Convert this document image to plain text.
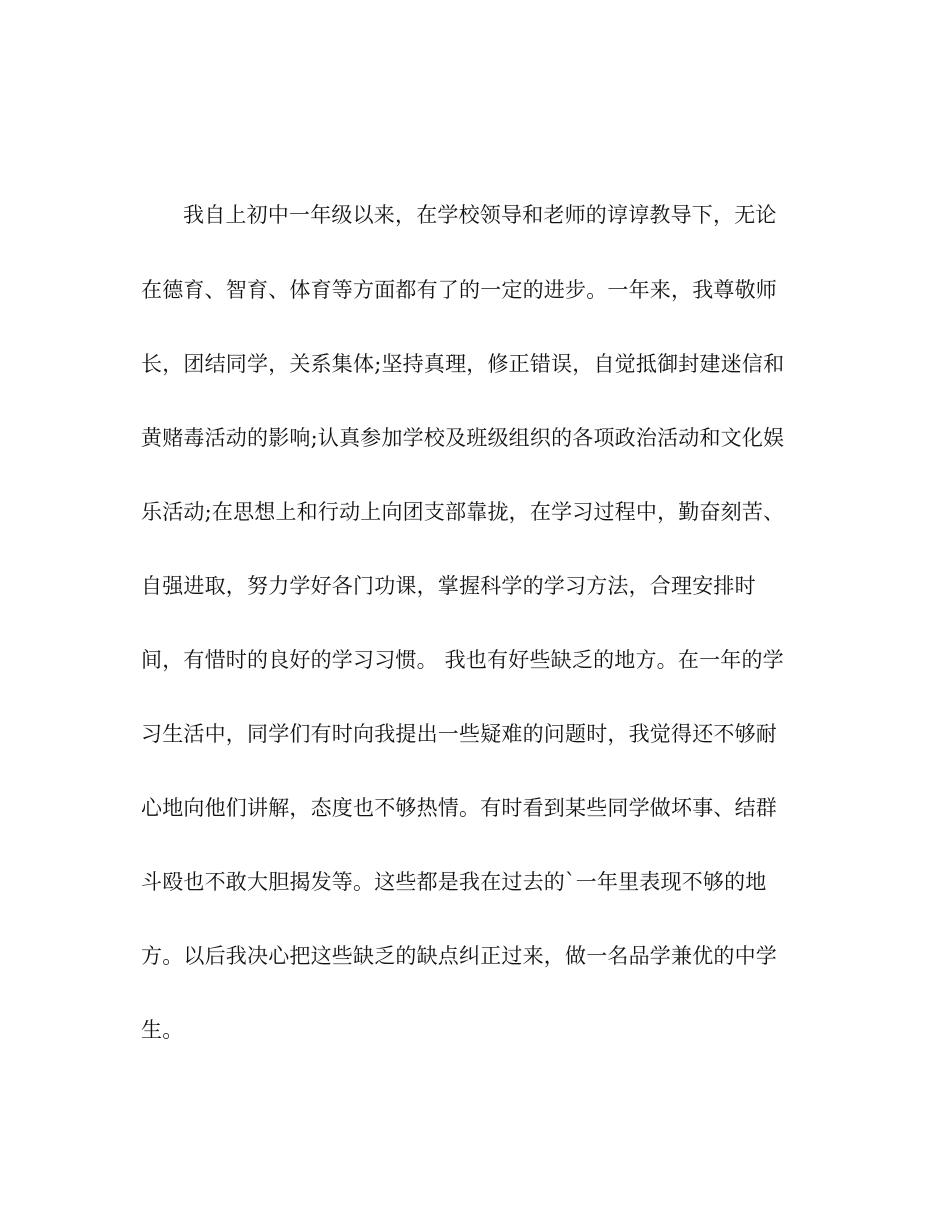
我自上初中一年级以来，在学校领导和老师的谆谆教导下，无论
在德育、智育、体育等方面都有了的一定的进步。一年来，我尊敬师
长，团结同学，关系集体;坚持真理，修正错误，自觉抵御封建迷信和
黄赌毒活动的影响;认真参加学校及班级组织的各项政治活动和文化娱
乐活动;在思想上和行动上向团支部靠拢，在学习过程中，勤奋刻苦、
自强进取，努力学好各门功课，掌握科学的学习方法，合理安排时
间，有惜时的良好的学习习惯。 我也有好些缺乏的地方。在一年的学
习生活中，同学们有时向我提出一些疑难的问题时，我觉得还不够耐
心地向他们讲解，态度也不够热情。有时看到某些同学做坏事、结群
斗殴也不敢大胆揭发等。这些都是我在过去的`一年里表现不够的地
方。以后我决心把这些缺乏的缺点纠正过来，做一名品学兼优的中学
生。
